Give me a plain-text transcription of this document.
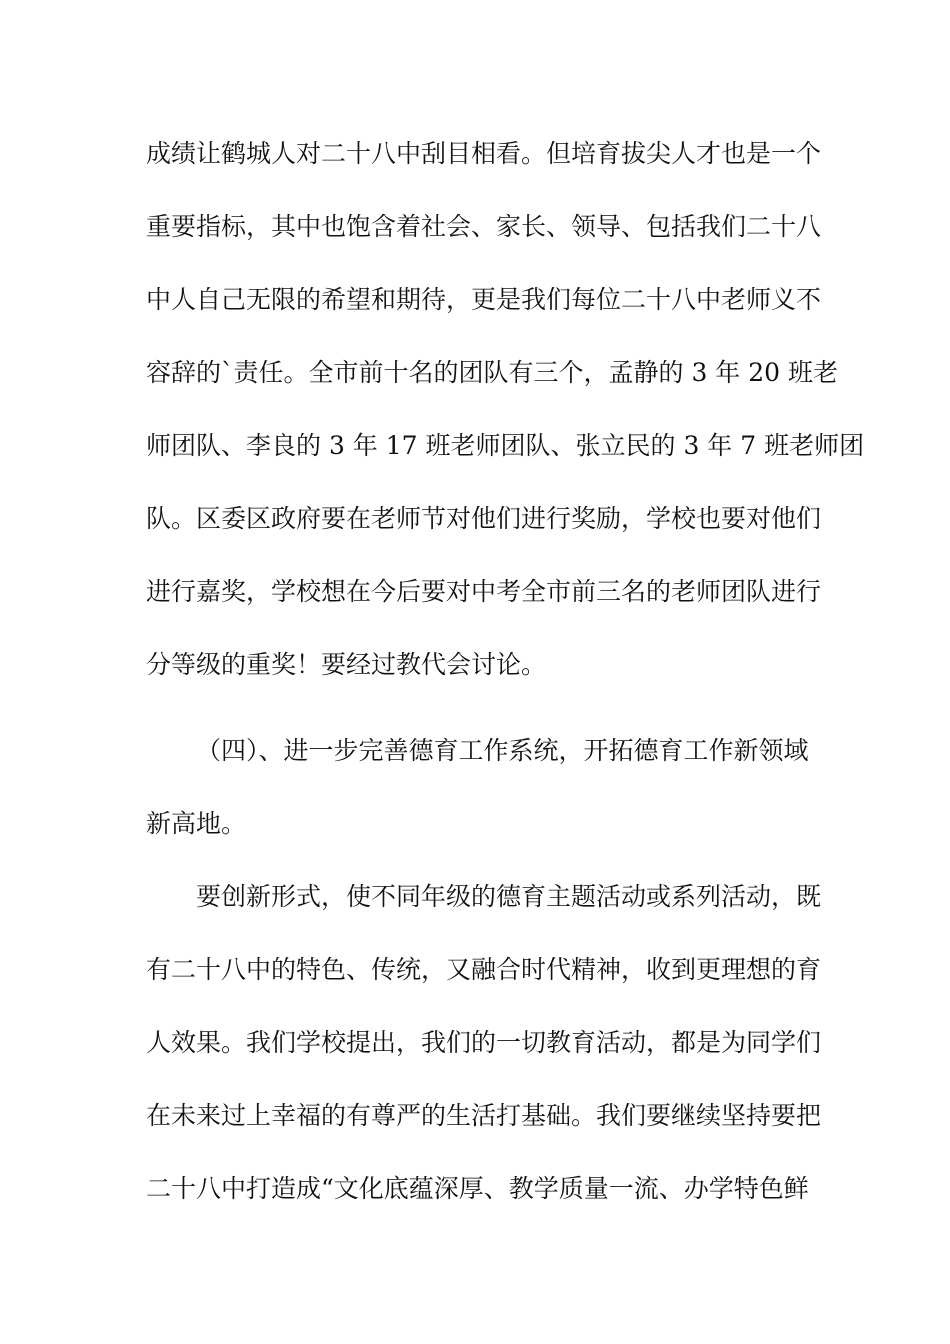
成绩让鹤城人对二十八中刮目相看。但培育拔尖人才也是一个
重要指标，其中也饱含着社会、家长、领导、包括我们二十八
中人自己无限的希望和期待，更是我们每位二十八中老师义不
容辞的`责任。全市前十名的团队有三个，孟静的 3 年 20 班老
师团队、李良的 3 年 17 班老师团队、张立民的 3 年 7 班老师团
队。区委区政府要在老师节对他们进行奖励，学校也要对他们
进行嘉奖，学校想在今后要对中考全市前三名的老师团队进行
分等级的重奖！要经过教代会讨论。
（四）、进一步完善德育工作系统，开拓德育工作新领域
新高地。
要创新形式，使不同年级的德育主题活动或系列活动，既
有二十八中的特色、传统，又融合时代精神，收到更理想的育
人效果。我们学校提出，我们的一切教育活动，都是为同学们
在未来过上幸福的有尊严的生活打基础。我们要继续坚持要把
二十八中打造成“文化底蕴深厚、教学质量一流、办学特色鲜
